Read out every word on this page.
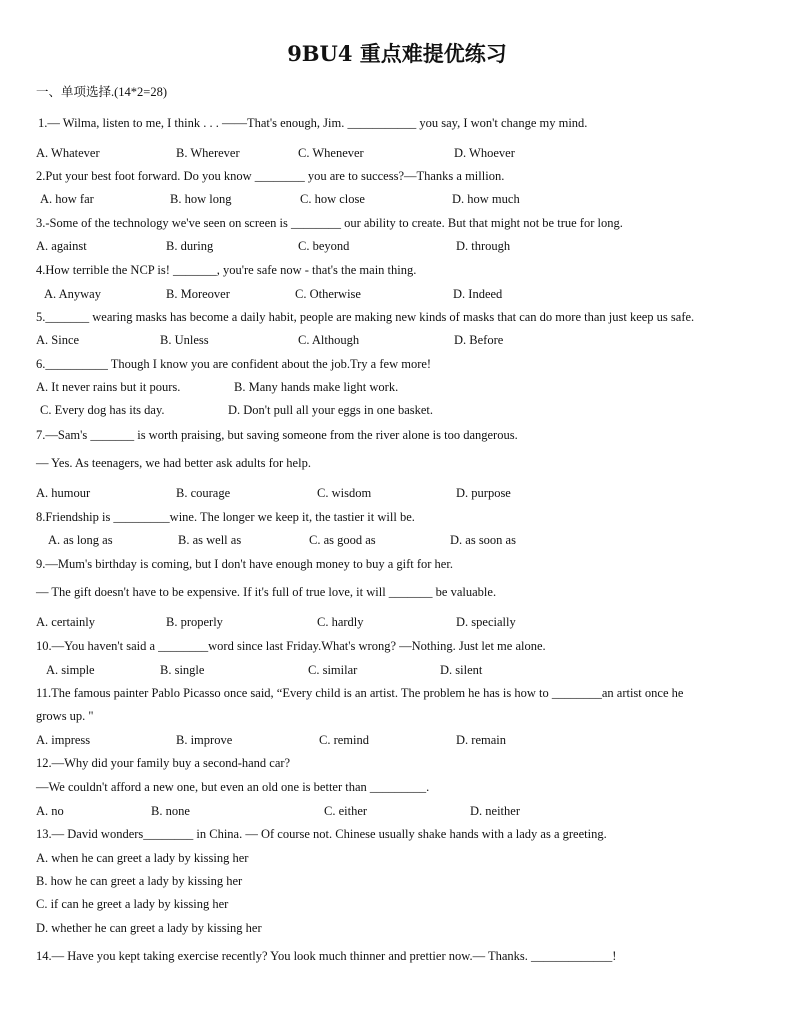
9BU4 重点难提优练习
一、单项选择.(14*2=28)
1.— Wilma, listen to me, I think . . . ——That's enough, Jim. ___________ you say, I won't change my mind.
A. Whatever	B. Wherever	C. Whenever	D. Whoever
2.Put your best foot forward. Do you know ________ you are to success?—Thanks a million.
A. how far	B. how long	C. how close	D. how much
3.-Some of the technology we've seen on screen is ________ our ability to create. But that might not be true for long.
A. against	B. during	C. beyond	D. through
4.How terrible the NCP is! _______, you're safe now - that's the main thing.
A. Anyway	B. Moreover	C. Otherwise	D. Indeed
5._______ wearing masks has become a daily habit, people are making new kinds of masks that can do more than just keep us safe.
A. Since	B. Unless	C. Although	D. Before
6.__________ Though I know you are confident about the job.Try a few more!
A. It never rains but it pours.	B. Many hands make light work.
C. Every dog has its day.	D. Don't pull all your eggs in one basket.
7.—Sam's _______ is worth praising, but saving someone from the river alone is too dangerous.
— Yes. As teenagers, we had better ask adults for help.
A. humour	B. courage	C. wisdom	D. purpose
8.Friendship is _________wine. The longer we keep it, the tastier it will be.
A. as long as	B. as well as	C. as good as	D. as soon as
9.—Mum's birthday is coming, but I don't have enough money to buy a gift for her.
— The gift doesn't have to be expensive. If it's full of true love, it will _______ be valuable.
A. certainly	B. properly	C. hardly	D. specially
10.—You haven't said a ________word since last Friday.What's wrong? —Nothing. Just let me alone.
A. simple	B. single	C. similar	D. silent
11.The famous painter Pablo Picasso once said, “Every child is an artist. The problem he has is how to ________an artist once he
grows up. "
A. impress	B. improve	C. remind	D. remain
12.—Why did your family buy a second-hand car?
—We couldn't afford a new one, but even an old one is better than _________.
A. no	B. none	C. either	D. neither
13.— David wonders________ in China. — Of course not. Chinese usually shake hands with a lady as a greeting.
A. when he can greet a lady by kissing her
B. how he can greet a lady by kissing her
C. if can he greet a lady by kissing her
D. whether he can greet a lady by kissing her
14.— Have you kept taking exercise recently? You look much thinner and prettier now.— Thanks. _____________!
